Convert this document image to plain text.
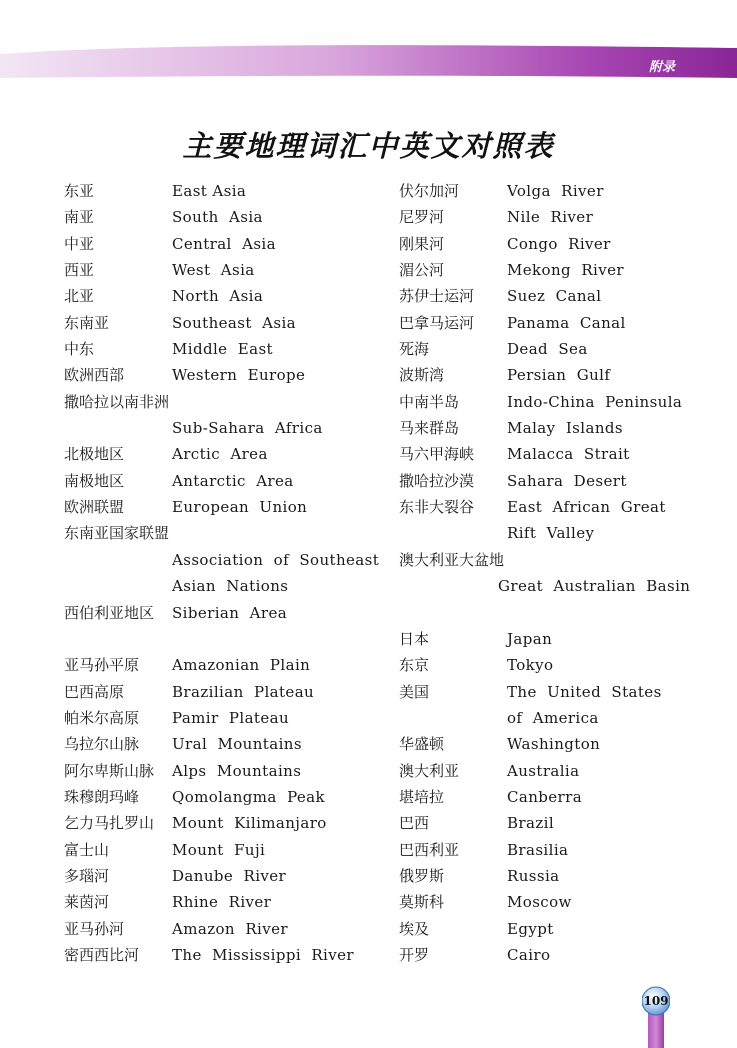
附录
主要地理词汇中英文对照表
东亚	East Asia
南亚	South  Asia
中亚	Central  Asia
西亚	West  Asia
北亚	North  Asia
东南亚	Southeast  Asia
中东	Middle  East
欧洲西部	Western  Europe
撒哈拉以南非洲
Sub-Sahara  Africa
北极地区	Arctic  Area
南极地区	Antarctic  Area
欧洲联盟	European  Union
东南亚国家联盟
Association  of  Southeast
Asian  Nations
西伯利亚地区 Siberian  Area
亚马孙平原 Amazonian  Plain
巴西高原	Brazilian  Plateau
帕米尔高原 Pamir  Plateau
乌拉尔山脉 Ural  Mountains
阿尔卑斯山脉 Alps  Mountains
珠穆朗玛峰 Qomolangma  Peak
乞力马扎罗山 Mount  Kilimanjaro
富士山	Mount  Fuji
多瑙河	Danube  River
莱茵河	Rhine  River
亚马孙河	Amazon  River
密西西比河 The  Mississippi  River
伏尔加河	Volga  River
尼罗河	Nile  River
刚果河	Congo  River
湄公河	Mekong  River
苏伊士运河 Suez  Canal
巴拿马运河 Panama  Canal
死海	Dead  Sea
波斯湾	Persian  Gulf
中南半岛	Indo-China  Peninsula
马来群岛	Malay  Islands
马六甲海峡 Malacca  Strait
撒哈拉沙漠 Sahara  Desert
东非大裂谷 East  African  Great
Rift  Valley
澳大利亚大盆地
Great  Australian  Basin
日本	Japan
东京	Tokyo
美国	The  United  States
of  America
华盛顿	Washington
澳大利亚	Australia
堪培拉	Canberra
巴西	Brazil
巴西利亚	Brasilia
俄罗斯	Russia
莫斯科	Moscow
埃及	Egypt
开罗	Cairo
109
